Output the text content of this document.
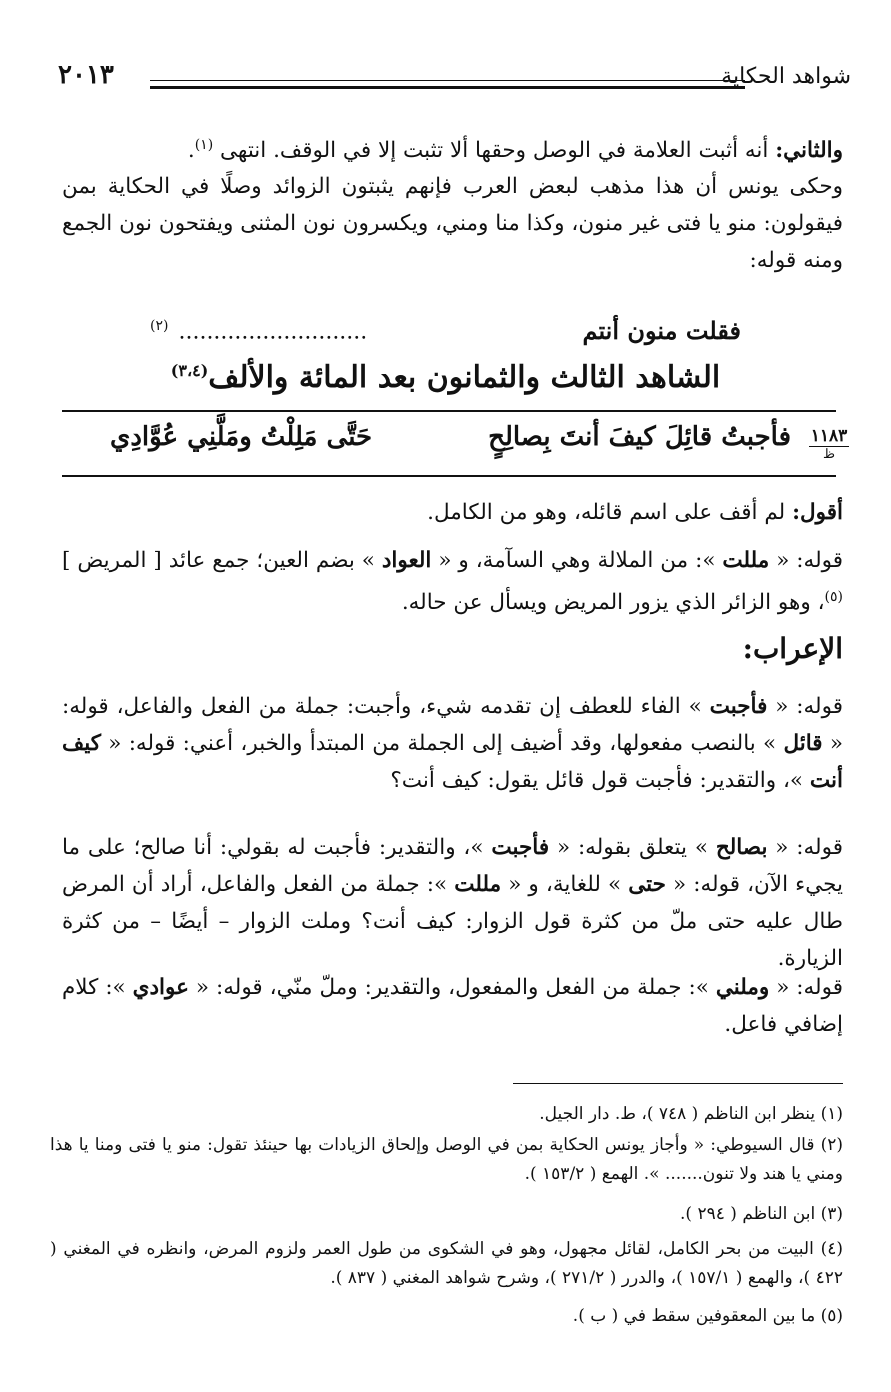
شواهد الحكاية
٢٠١٣
والثاني: أنه أثبت العلامة في الوصل وحقها ألا تثبت إلا في الوقف. انتهى $^{(١)}$.
وحكى يونس أن هذا مذهب لبعض العرب فإنهم يثبتون الزوائد وصلًا في الحكاية بمن فيقولون: منو يا فتى غير منون، وكذا منا ومني، ويكسرون نون المثنى ويفتحون نون الجمع ومنه قوله:
فقلت منون أنتم
$^{(٢)}$ ...........................
الشاهد الثالث والثمانون بعد المائة والألف$^{(٣،٤)}$
١١٨٣
ظ
فأجبتُ قائِلَ كيفَ أنتَ بِصالِحٍ
حَتَّى مَلِلْتُ ومَلَّنِي عُوَّادِي
أقول: لم أقف على اسم قائله، وهو من الكامل.
قوله: « مللت »: من الملالة وهي السآمة، و « العواد » بضم العين؛ جمع عائد [ المريض ] $^{(٥)}$، وهو الزائر الذي يزور المريض ويسأل عن حاله.
الإعراب:
قوله: « فأجبت » الفاء للعطف إن تقدمه شيء، وأجبت: جملة من الفعل والفاعل، قوله: « قائل » بالنصب مفعولها، وقد أضيف إلى الجملة من المبتدأ والخبر، أعني: قوله: « كيف أنت »، والتقدير: فأجبت قول قائل يقول: كيف أنت؟
قوله: « بصالح » يتعلق بقوله: « فأجبت »، والتقدير: فأجبت له بقولي: أنا صالح؛ على ما يجيء الآن، قوله: « حتى » للغاية، و « مللت »: جملة من الفعل والفاعل، أراد أن المرض طال عليه حتى ملّ من كثرة قول الزوار: كيف أنت؟ وملت الزوار – أيضًا – من كثرة الزيارة.
قوله: « وملني »: جملة من الفعل والمفعول، والتقدير: وملّ منّي، قوله: « عوادي »: كلام إضافي فاعل.
(١) ينظر ابن الناظم ( ٧٤٨ )، ط. دار الجيل.
(٢) قال السيوطي: « وأجاز يونس الحكاية بمن في الوصل وإلحاق الزيادات بها حينئذ تقول: منو يا فتى ومنا يا هذا ومني يا هند ولا تنون....... ». الهمع ( ١٥٣/٢ ).
(٣) ابن الناظم ( ٢٩٤ ).
(٤) البيت من بحر الكامل، لقائل مجهول، وهو في الشكوى من طول العمر ولزوم المرض، وانظره في المغني ( ٤٢٢ )، والهمع ( ١٥٧/١ )، والدرر ( ٢٧١/٢ )، وشرح شواهد المغني ( ٨٣٧ ).
(٥) ما بين المعقوفين سقط في ( ب ).
